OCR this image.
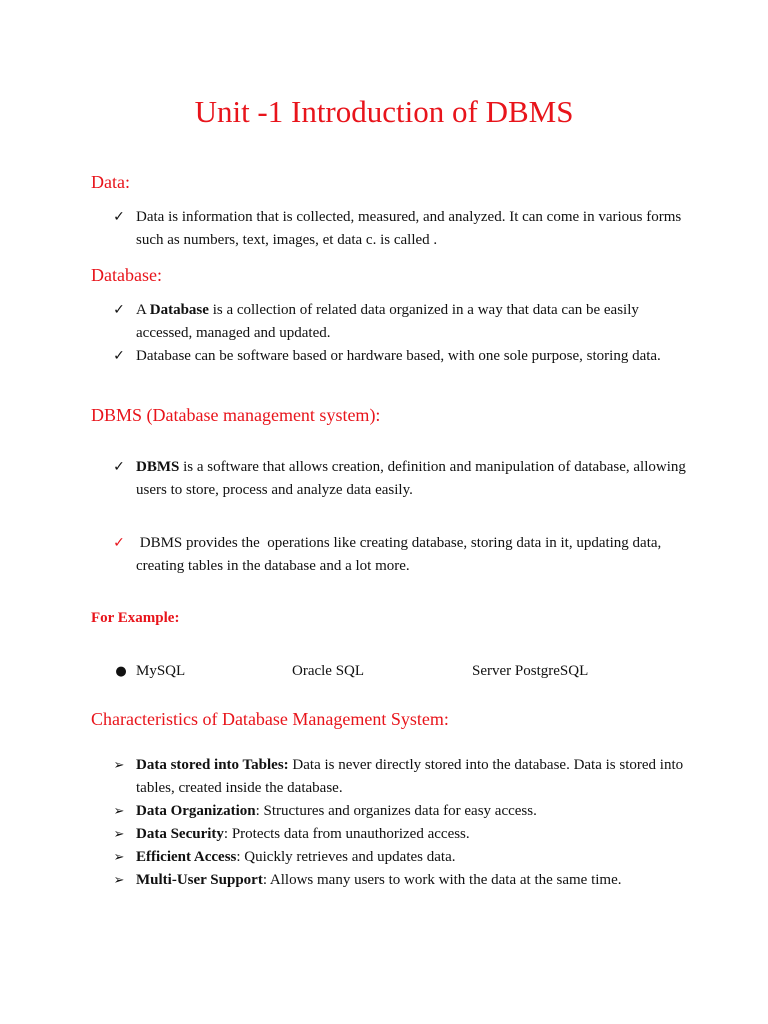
Unit -1 Introduction of DBMS
Data:

✓ Data is information that is collected, measured, and analyzed. It can come in various forms such as numbers, text, images, et data c. is called .

Database:

✓ A Database is a collection of related data organized in a way that data can be easily accessed, managed and updated.

✓ Database can be software based or hardware based, with one sole purpose, storing data.

DBMS (Database management system):

✓ DBMS is a software that allows creation, definition and manipulation of database, allowing users to store, process and analyze data easily.

✓ DBMS provides the  operations like creating database, storing data in it, updating data, creating tables in the database and a lot more.

For Example:
● MySQL	Oracle SQL	Server PostgreSQL
Characteristics of Database Management System:

➢ Data stored into Tables: Data is never directly stored into the database. Data is stored into tables, created inside the database.

➢ Data Organization: Structures and organizes data for easy access.

➢ Data Security: Protects data from unauthorized access.

➢ Efficient Access: Quickly retrieves and updates data.

➢ Multi-User Support: Allows many users to work with the data at the same time.
